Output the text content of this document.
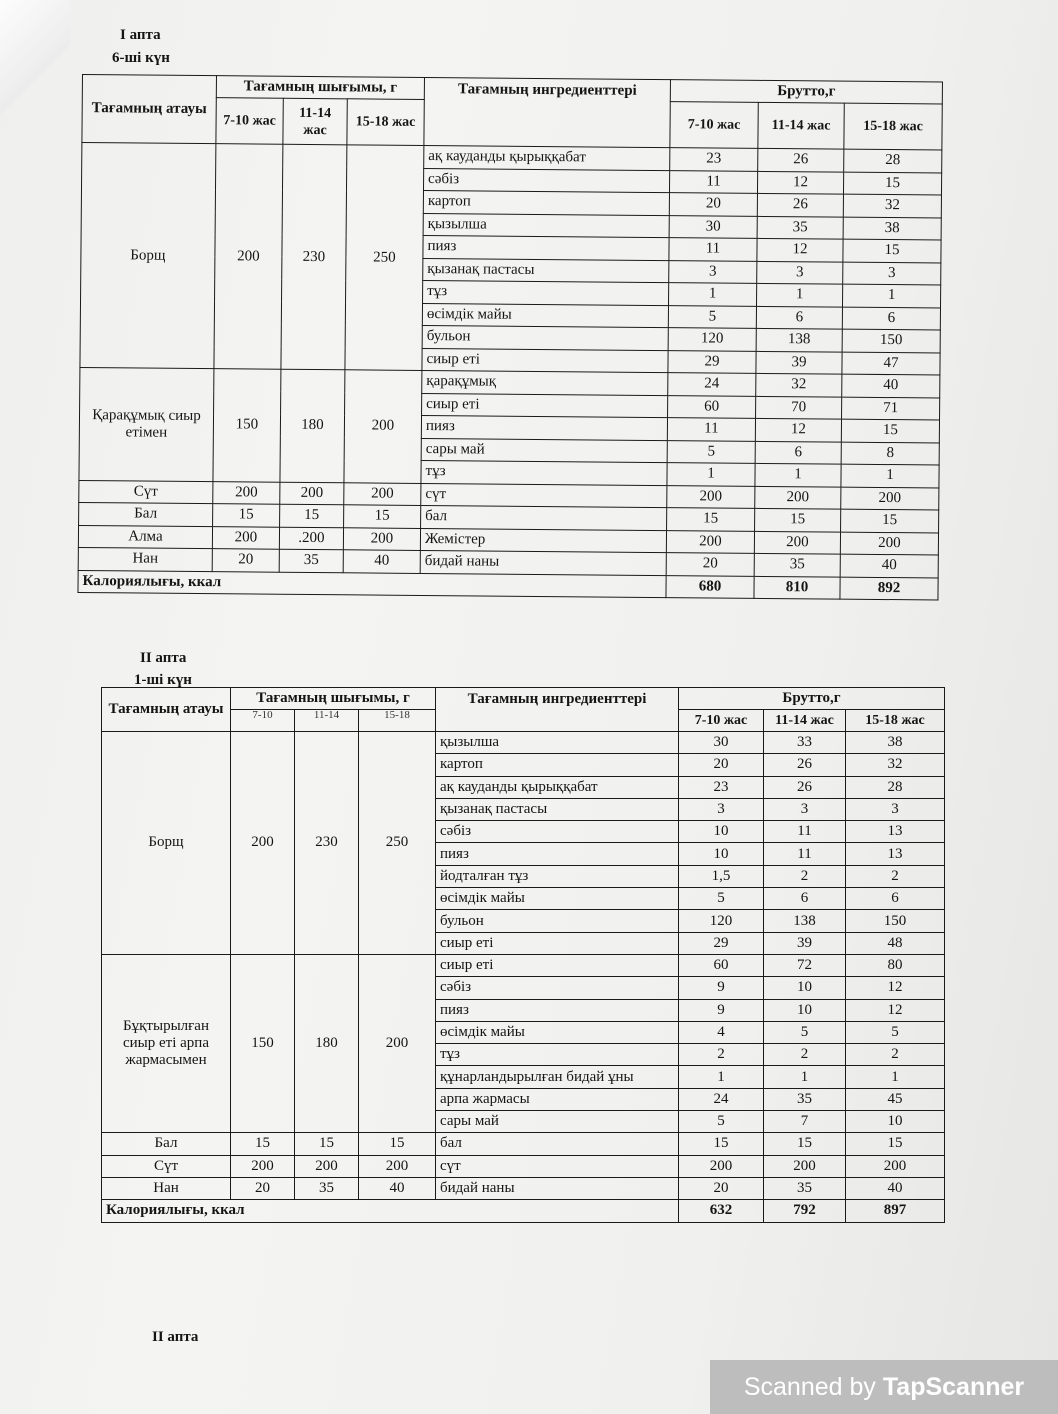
І апта
6-ші күн
Тағамның атауы	Тағамның шығымы, г			Тағамның ингредиенттері	Брутто,г		
	7-10 жас	11-14 жас	15-18 жас		7-10 жас	11-14 жас	15-18 жас
Борщ	200	230	250	ақ кауданды қырыққабат	23	26	28
				сәбіз	11	12	15
				картоп	20	26	32
				қызылша	30	35	38
				пияз	11	12	15
				қызанақ пастасы	3	3	3
				тұз	1	1	1
				өсімдік майы	5	6	6
				бульон	120	138	150
				сиыр еті	29	39	47
Қарақұмық сиыр етімен	150	180	200	қарақұмық	24	32	40
				сиыр еті	60	70	71
				пияз	11	12	15
				сары май	5	6	8
				тұз	1	1	1
Сүт	200	200	200	сүт	200	200	200
Бал	15	15	15	бал	15	15	15
Алма	200	.200	200	Жемістер	200	200	200
Нан	20	35	40	бидай наны	20	35	40
Калориялығы, ккал					680	810	892
ІІ апта
1-ші күн
Тағамның атауы	Тағамның шығымы, г			Тағамның ингредиенттері	Брутто,г		

	7-10	11-14	15-18		7-10 жас	11-14 жас	15-18 жас
Борщ	200	230	250	қызылша	30	33	38
				картоп	20	26	32
				ақ кауданды қырыққабат	23	26	28
				қызанақ пастасы	3	3	3
				сәбіз	10	11	13
				пияз	10	11	13
				йодталған тұз	1,5	2	2
				өсімдік майы	5	6	6
				бульон	120	138	150
				сиыр еті	29	39	48
Бұқтырылған сиыр еті арпа жармасымен	150	180	200	сиыр еті	60	72	80
				сәбіз	9	10	12
				пияз	9	10	12
				өсімдік майы	4	5	5
				тұз	2	2	2
				құнарландырылған бидай ұны	1	1	1
				арпа жармасы	24	35	45
				сары май	5	7	10
Бал	15	15	15	бал	15	15	15
Сүт	200	200	200	сүт	200	200	200
Нан	20	35	40	бидай наны	20	35	40
Калориялығы, ккал					632	792	897
ІІ апта
Scanned by TapScanner
